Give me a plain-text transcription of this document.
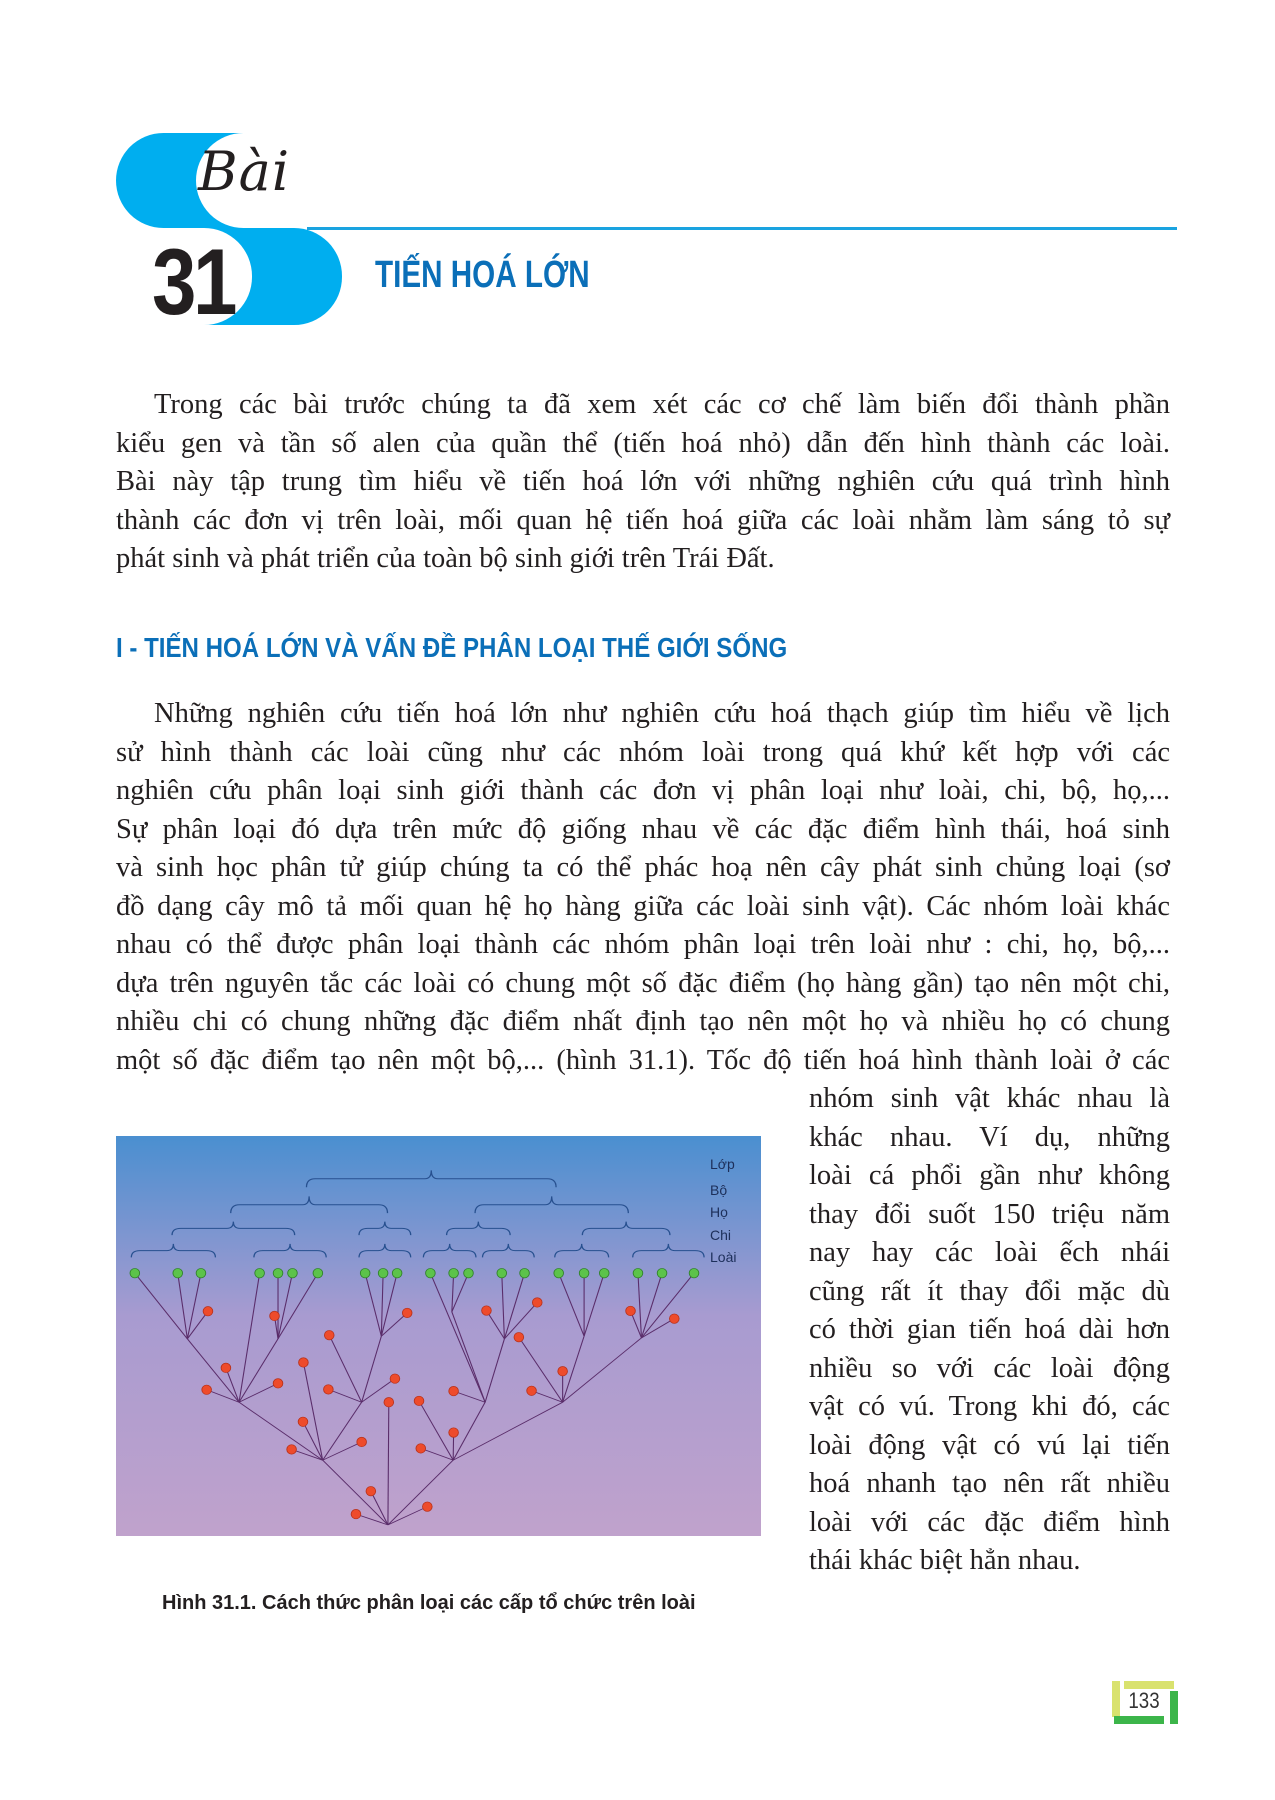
Bài
31	TIẾN HOÁ LỚN
Trong các bài trước chúng ta đã xem xét các cơ chế làm biến đổi thành phần
kiểu gen và tần số alen của quần thể (tiến hoá nhỏ) dẫn đến hình thành các loài.
Bài này tập trung tìm hiểu về tiến hoá lớn với những nghiên cứu quá trình hình
thành các đơn vị trên loài, mối quan hệ tiến hoá giữa các loài nhằm làm sáng tỏ sự
phát sinh và phát triển của toàn bộ sinh giới trên Trái Đất.
I - TIẾN HOÁ LỚN VÀ VẤN ĐỀ PHÂN LOẠI THẾ GIỚI SỐNG
Những nghiên cứu tiến hoá lớn như nghiên cứu hoá thạch giúp tìm hiểu về lịch
sử hình thành các loài cũng như các nhóm loài trong quá khứ kết hợp với các
nghiên cứu phân loại sinh giới thành các đơn vị phân loại như loài, chi, bộ, họ,...
Sự phân loại đó dựa trên mức độ giống nhau về các đặc điểm hình thái, hoá sinh
và sinh học phân tử giúp chúng ta có thể phác hoạ nên cây phát sinh chủng loại (sơ
đồ dạng cây mô tả mối quan hệ họ hàng giữa các loài sinh vật). Các nhóm loài khác
nhau có thể được phân loại thành các nhóm phân loại trên loài như : chi, họ, bộ,...
dựa trên nguyên tắc các loài có chung một số đặc điểm (họ hàng gần) tạo nên một chi,
nhiều chi có chung những đặc điểm nhất định tạo nên một họ và nhiều họ có chung
một số đặc điểm tạo nên một bộ,... (hình 31.1). Tốc độ tiến hoá hình thành loài ở các
nhóm sinh vật khác nhau là
khác nhau. Ví dụ, những
loài cá phổi gần như không
thay đổi suốt 150 triệu năm
nay hay các loài ếch nhái
cũng rất ít thay đổi mặc dù
có thời gian tiến hoá dài hơn
nhiều so với các loài động
vật có vú. Trong khi đó, các
loài động vật có vú lại tiến
hoá nhanh tạo nên rất nhiều
loài với các đặc điểm hình
thái khác biệt hẳn nhau.
Lớp
Bộ
Họ
Chi
Loài
Hình 31.1. Cách thức phân loại các cấp tổ chức trên loài
133
